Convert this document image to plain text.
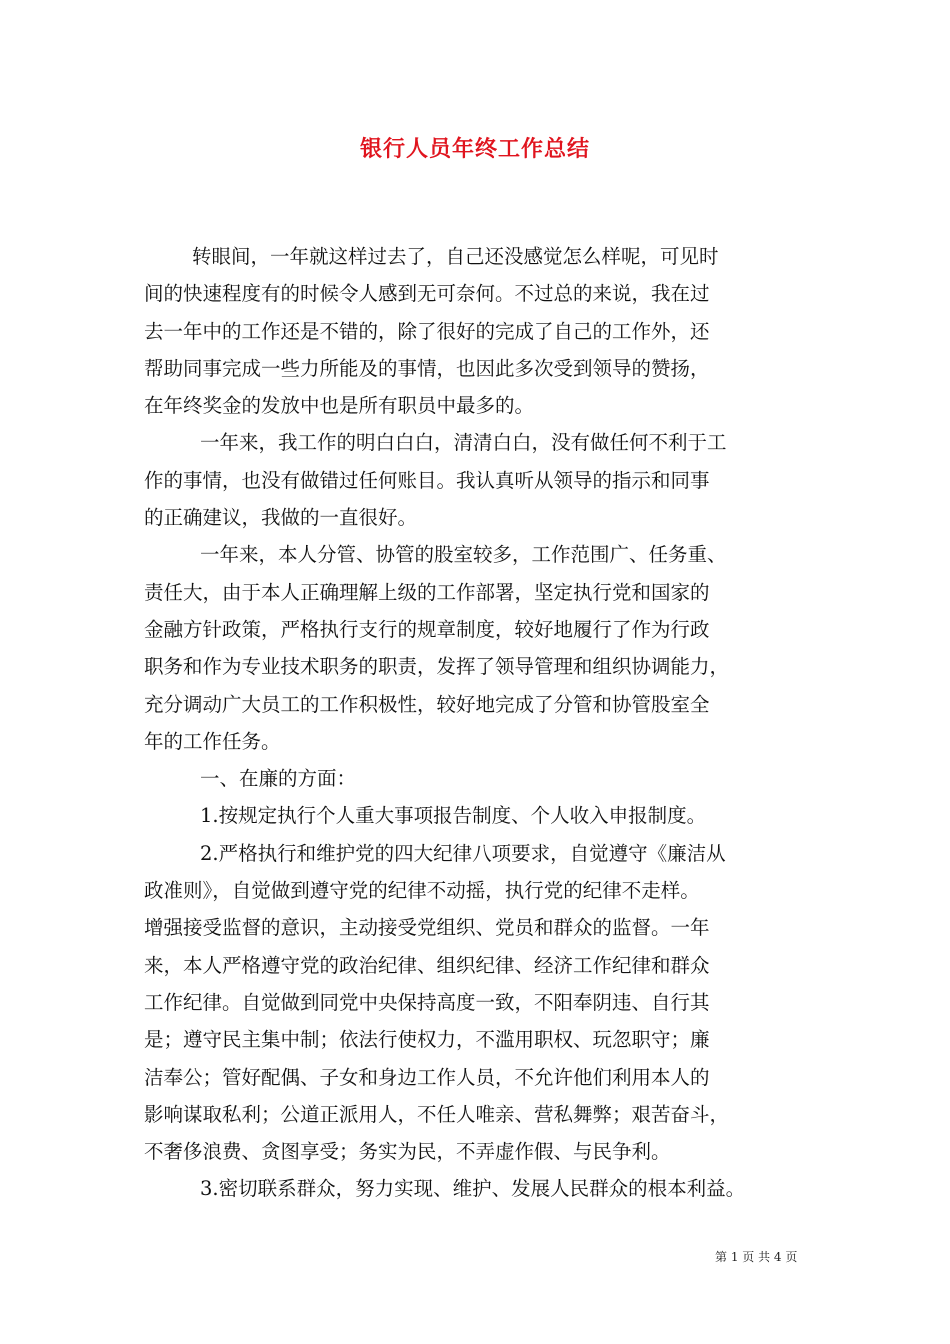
银行人员年终工作总结
转眼间，一年就这样过去了，自己还没感觉怎么样呢，可见时
间的快速程度有的时候令人感到无可奈何。不过总的来说，我在过
去一年中的工作还是不错的，除了很好的完成了自己的工作外，还
帮助同事完成一些力所能及的事情，也因此多次受到领导的赞扬，
在年终奖金的发放中也是所有职员中最多的。
一年来，我工作的明白白白，清清白白，没有做任何不利于工
作的事情，也没有做错过任何账目。我认真听从领导的指示和同事
的正确建议，我做的一直很好。
一年来，本人分管、协管的股室较多，工作范围广、任务重、
责任大，由于本人正确理解上级的工作部署，坚定执行党和国家的
金融方针政策，严格执行支行的规章制度，较好地履行了作为行政
职务和作为专业技术职务的职责，发挥了领导管理和组织协调能力，
充分调动广大员工的工作积极性，较好地完成了分管和协管股室全
年的工作任务。
一、在廉的方面：
1.按规定执行个人重大事项报告制度、个人收入申报制度。
2.严格执行和维护党的四大纪律八项要求，自觉遵守《廉洁从
政准则》，自觉做到遵守党的纪律不动摇，执行党的纪律不走样。
增强接受监督的意识，主动接受党组织、党员和群众的监督。一年
来，本人严格遵守党的政治纪律、组织纪律、经济工作纪律和群众
工作纪律。自觉做到同党中央保持高度一致，不阳奉阴违、自行其
是；遵守民主集中制；依法行使权力，不滥用职权、玩忽职守；廉
洁奉公；管好配偶、子女和身边工作人员，不允许他们利用本人的
影响谋取私利；公道正派用人，不任人唯亲、营私舞弊；艰苦奋斗，
不奢侈浪费、贪图享受；务实为民，不弄虚作假、与民争利。
3.密切联系群众，努力实现、维护、发展人民群众的根本利益。
第 1 页 共 4 页
